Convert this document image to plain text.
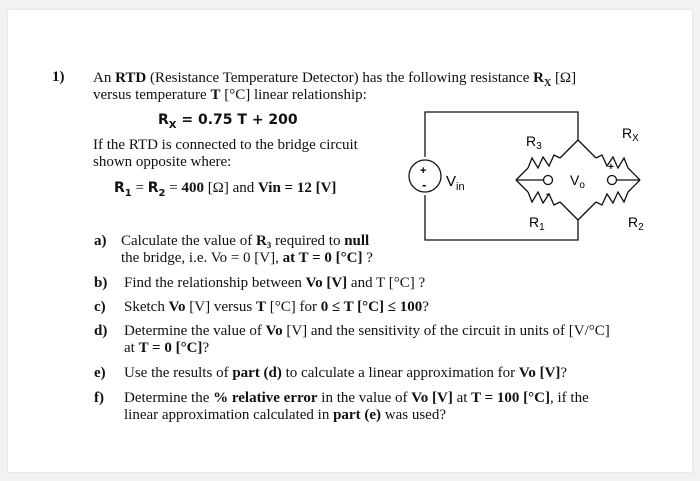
1) An RTD (Resistance Temperature Detector) has the following resistance $R_X$ [Ω]
versus temperature T [°C] linear relationship:
$R_X = 0.75$ T + 200
If the RTD is connected to the bridge circuit
shown opposite where:
$R_1 = R_2 = 400$ [Ω] and Vin = 12 [V]
+
- $V_{in}$
-
+
$V_o$
$R_3$
$R_X$
$R_1$	$R_2$
a) Calculate the value of R₃ required to null
the bridge, i.e. Vo = 0 [V], at T = 0 [°C] ?
b) Find the relationship between Vo [V] and T [°C] ?
c) Sketch Vo [V] versus T [°C] for 0 ≤ T [°C] ≤ 100?
d) Determine the value of Vo [V] and the sensitivity of the circuit in units of [V/°C]
at T = 0 [°C]?
e) Use the results of part (d) to calculate a linear approximation for Vo [V]?
f) Determine the % relative error in the value of Vo [V] at T = 100 [°C], if the
linear approximation calculated in part (e) was used?
